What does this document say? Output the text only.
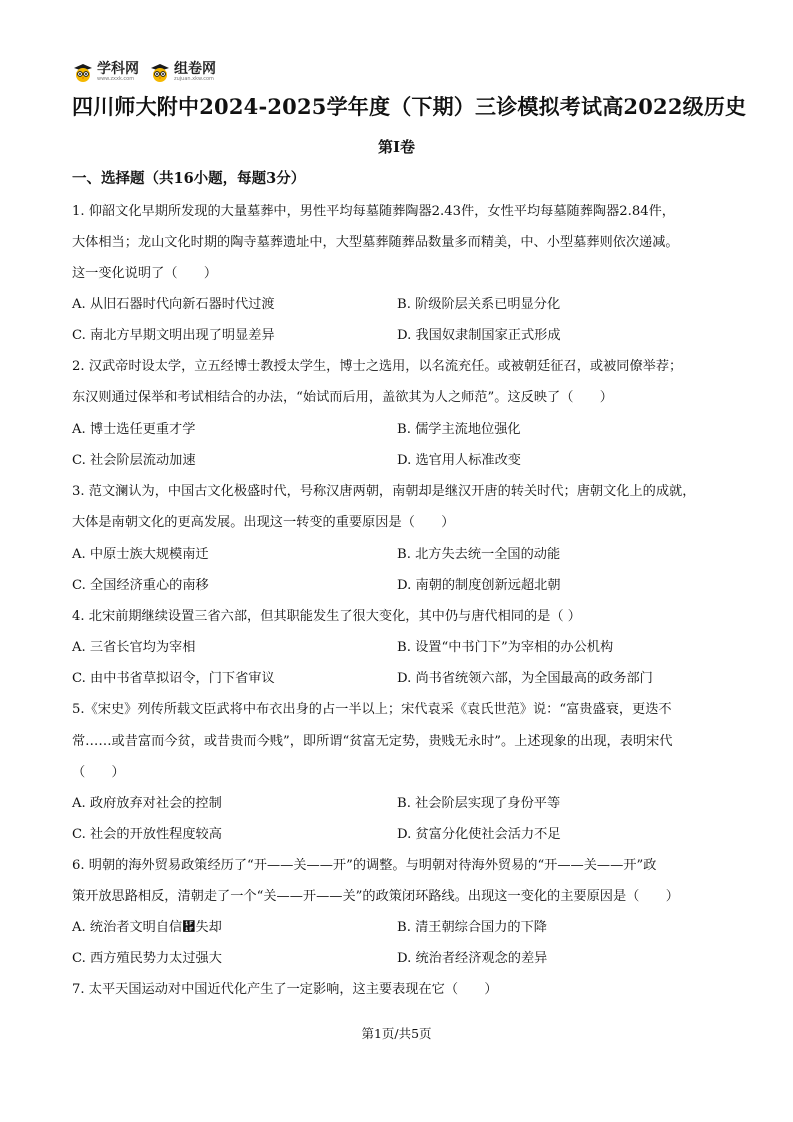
学科网
www.zxxk.com
组卷网
zujuan.xkw.com
四川师大附中2024-2025学年度（下期）三诊模拟考试高2022级历史
第Ⅰ卷
一、选择题（共16小题，每题3分）
1. 仰韶文化早期所发现的大量墓葬中，男性平均每墓随葬陶器2.43件，女性平均每墓随葬陶器2.84件，
大体相当；龙山文化时期的陶寺墓葬遗址中，大型墓葬随葬品数量多而精美，中、小型墓葬则依次递减。
这一变化说明了（　　）
A. 从旧石器时代向新石器时代过渡	B. 阶级阶层关系已明显分化
C. 南北方早期文明出现了明显差异	D. 我国奴隶制国家正式形成
2. 汉武帝时设太学，立五经博士教授太学生，博士之选用，以名流充任。或被朝廷征召，或被同僚举荐；
东汉则通过保举和考试相结合的办法，“始试而后用，盖欲其为人之师范”。这反映了（　　）
A. 博士选任更重才学	B. 儒学主流地位强化
C. 社会阶层流动加速	D. 选官用人标准改变
3. 范文澜认为，中国古文化极盛时代，号称汉唐两朝，南朝却是继汉开唐的转关时代；唐朝文化上的成就，
大体是南朝文化的更高发展。出现这一转变的重要原因是（　　）
A. 中原士族大规模南迁	B. 北方失去统一全国的动能
C. 全国经济重心的南移	D. 南朝的制度创新远超北朝
4. 北宋前期继续设置三省六部，但其职能发生了很大变化，其中仍与唐代相同的是（ ）
A. 三省长官均为宰相	B. 设置“中书门下”为宰相的办公机构
C. 由中书省草拟诏令，门下省审议	D. 尚书省统领六部，为全国最高的政务部门
5.《宋史》列传所载文臣武将中布衣出身的占一半以上；宋代袁采《袁氏世范》说：“富贵盛衰，更迭不
常……或昔富而今贫，或昔贵而今贱”，即所谓“贫富无定势，贵贱无永时”。上述现象的出现，表明宋代
（　　）
A. 政府放弃对社会的控制	B. 社会阶层实现了身份平等
C. 社会的开放性程度较高	D. 贫富分化使社会活力不足
6. 明朝的海外贸易政策经历了“开——关——开”的调整。与明朝对待海外贸易的“开——关——开”政
策开放思路相反，清朝走了一个“关——开——关”的政策闭环路线。出现这一变化的主要原因是（　　）
A. 统治者文明自信἟失却	B. 清王朝综合国力的下降
C. 西方殖民势力太过强大	D. 统治者经济观念的差异
7. 太平天国运动对中国近代化产生了一定影响，这主要表现在它（　　）
第1页/共5页
